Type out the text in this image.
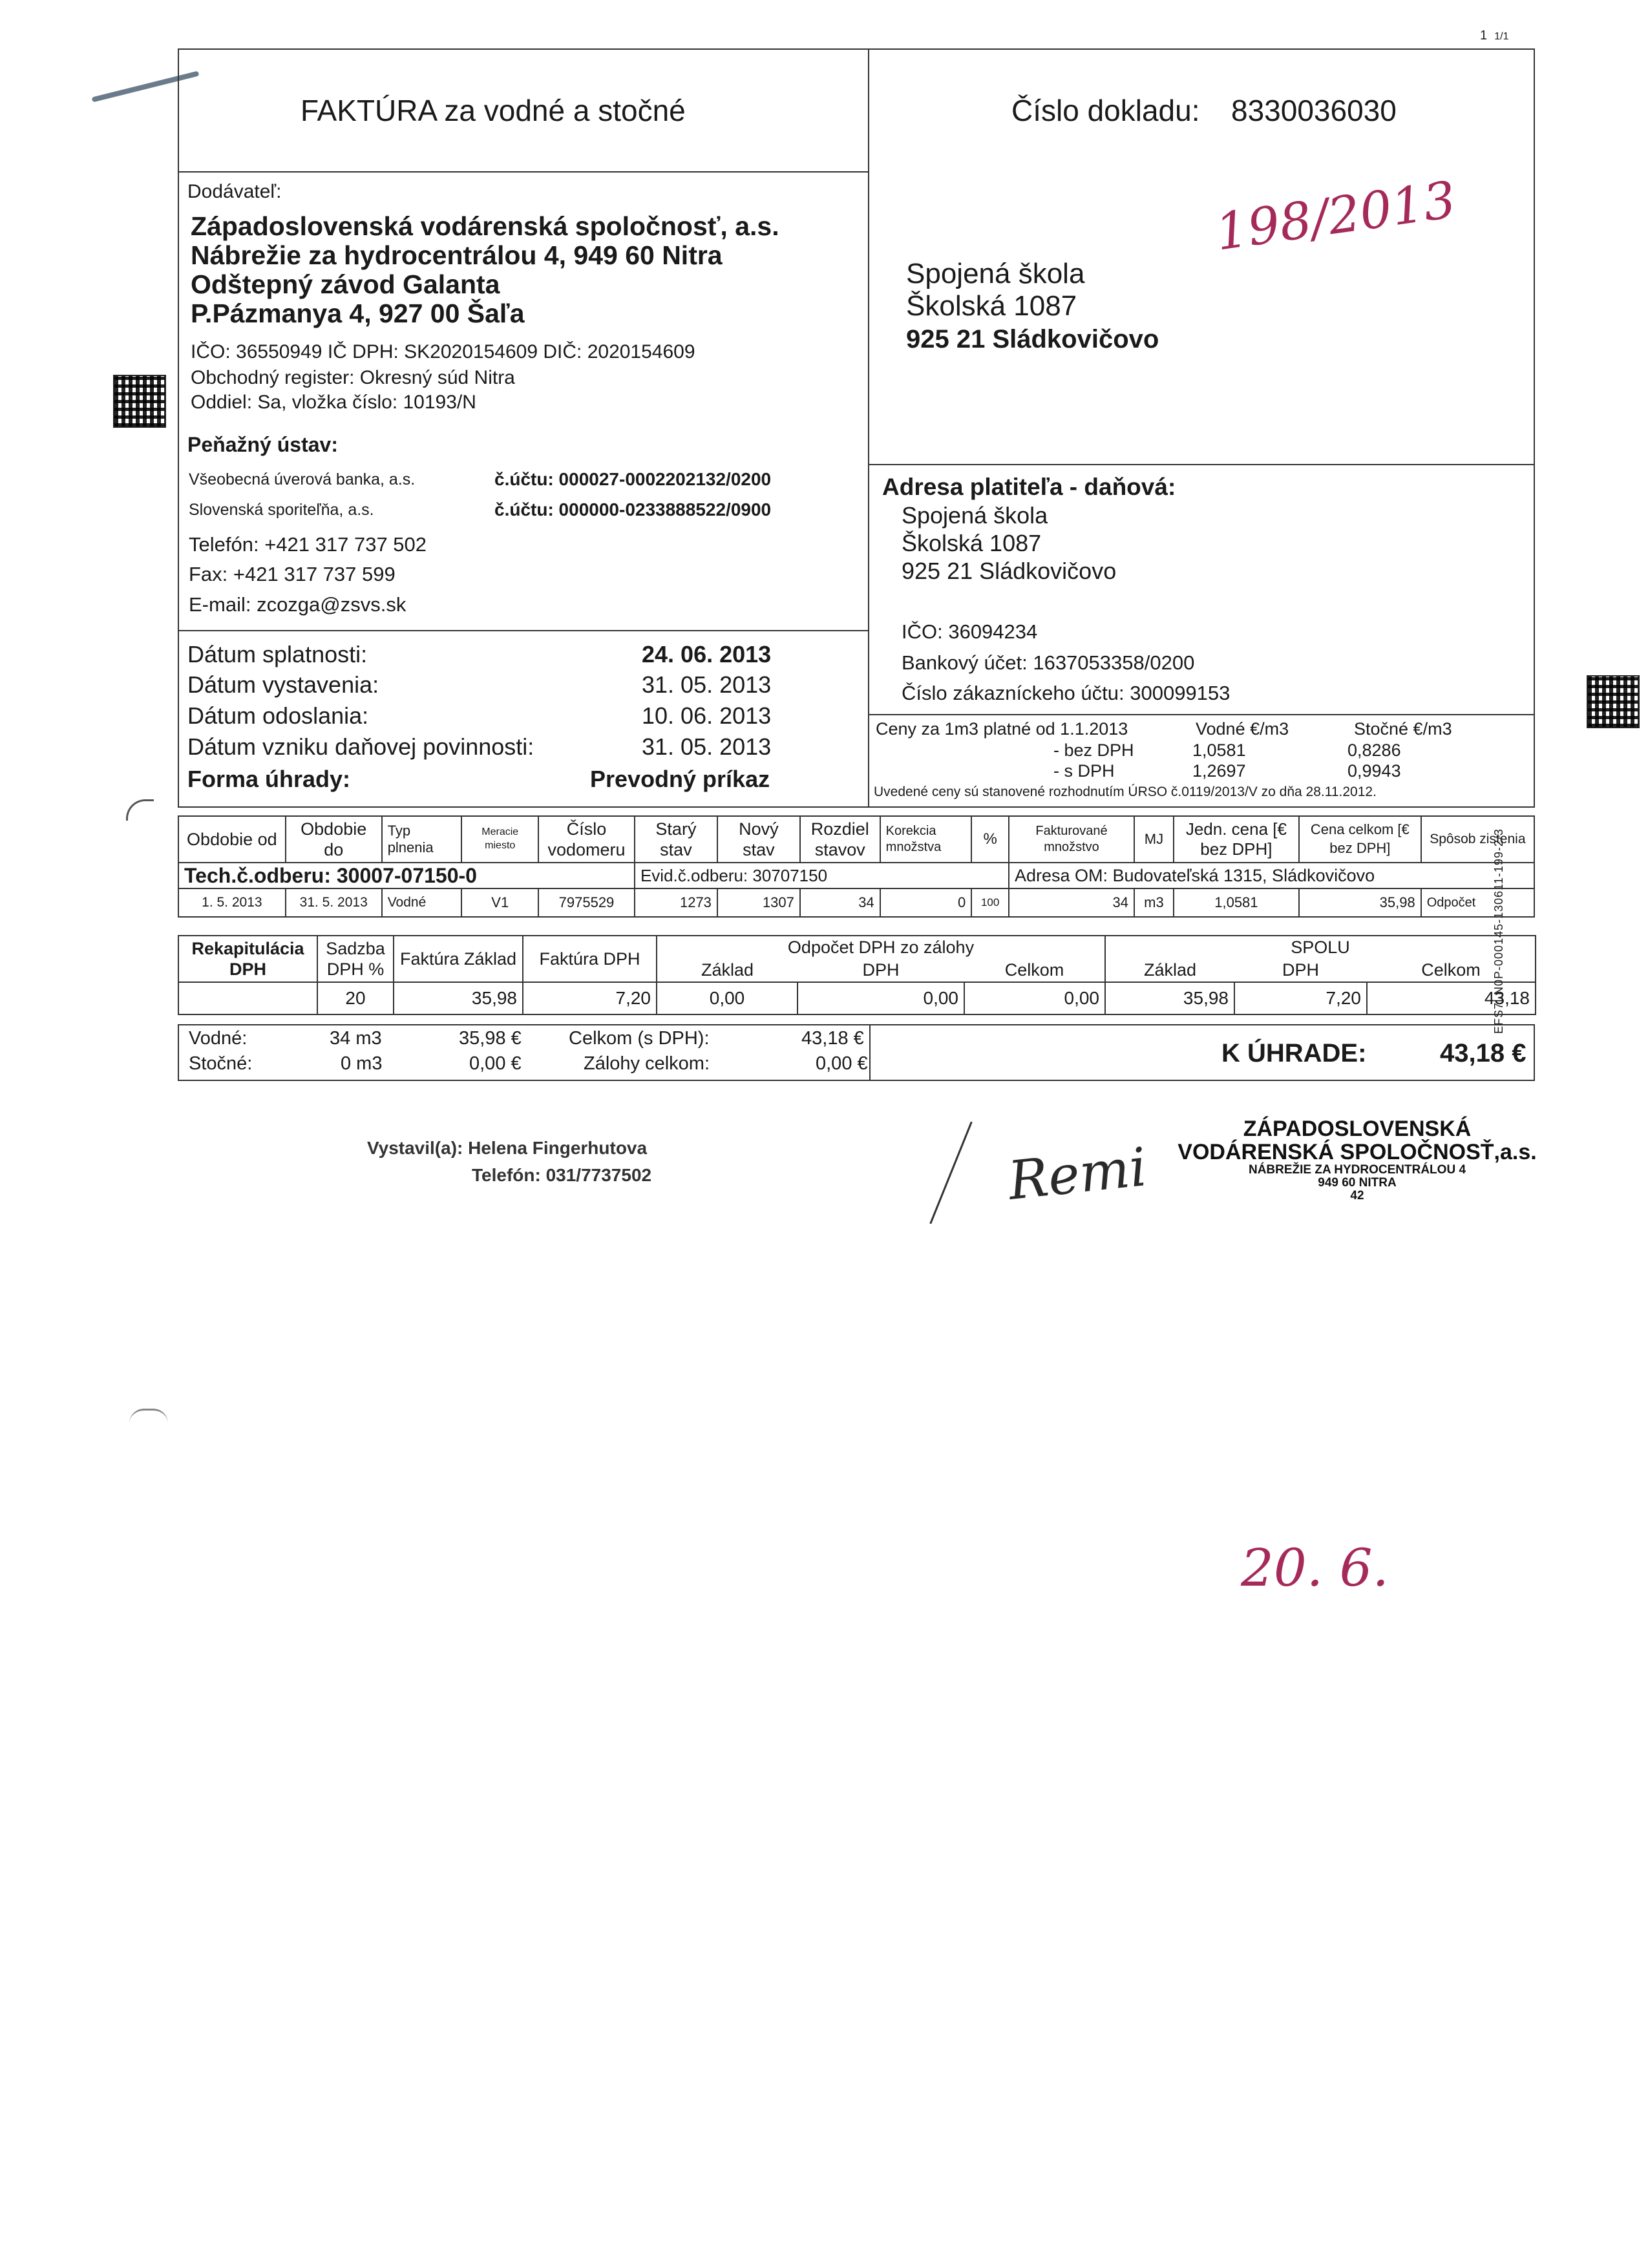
1 1/1
EFS7LN0P-000145-130611-199-2/3
FAKTÚRA za vodné a stočné	Číslo dokladu: 8330036030
Dodávateľ:
Západoslovenská vodárenská spoločnosť, a.s.
Nábrežie za hydrocentrálou 4, 949 60 Nitra
Odštepný závod Galanta
P.Pázmanya 4, 927 00 Šaľa
IČO: 36550949 IČ DPH: SK2020154609 DIČ: 2020154609
Obchodný register: Okresný súd Nitra
Oddiel: Sa, vložka číslo: 10193/N
Peňažný ústav:
Všeobecná úverová banka, a.s.	č.účtu: 000027-0002202132/0200
Slovenská sporiteľňa, a.s.	č.účtu: 000000-0233888522/0900
Telefón: +421 317 737 502
Fax: +421 317 737 599
E-mail: zcozga@zsvs.sk
Dátum splatnosti:	24. 06. 2013
Dátum vystavenia:	31. 05. 2013
Dátum odoslania:	10. 06. 2013
Dátum vzniku daňovej povinnosti:	31. 05. 2013
Forma úhrady:	Prevodný príkaz
Spojená škola
Školská 1087
925 21 Sládkovičovo
Adresa platiteľa - daňová:
Spojená škola
Školská 1087
925 21 Sládkovičovo
IČO: 36094234
Bankový účet: 1637053358/0200
Číslo zákazníckeho účtu: 300099153
Ceny za 1m3 platné od 1.1.2013	Vodné €/m3	Stočné €/m3
- bez DPH	1,0581	0,8286
- s DPH	1,2697	0,9943
Uvedené ceny sú stanovené rozhodnutím ÚRSO č.0119/2013/V zo dňa 28.11.2012.
Obdobie od	Obdobie do	Typ plnenia	Meracie miesto	Číslo vodomeru	Starý stav	Nový stav	Rozdiel stavov	Korekcia množstva	%	Fakturované množstvo	MJ	Jedn. cena [€ bez DPH]	Cena celkom [€ bez DPH]	Spôsob zistenia
Tech.č.odberu: 30007-07150-0					Evid.č.odberu: 30707150					Adresa OM: Budovateľská 1315, Sládkovičovo				
1. 5. 2013	31. 5. 2013	Vodné	V1	7975529	1273	1307	34	0	100	34	m3	1,0581	35,98	Odpočet
Rekapitulácia DPH	Sadzba DPH %	Faktúra Základ	Faktúra DPH	Odpočet DPH zo zálohy			SPOLU		
				Základ	DPH	Celkom	Základ	DPH	Celkom
	20	35,98	7,20	0,00	0,00	0,00	35,98	7,20	43,18
Vodné:	34 m3	35,98 €
Stočné:	0 m3	0,00 €
Celkom (s DPH):	43,18 €
Zálohy celkom:	0,00 €	K ÚHRADE:	43,18 €
Vystavil(a): Helena Fingerhutova
Telefón: 031/7737502
ZÁPADOSLOVENSKÁ
VODÁRENSKÁ SPOLOČNOSŤ,a.s.
NÁBREŽIE ZA HYDROCENTRÁLOU 4
949 60 NITRA
42
198/2013
Remi
20. 6.
